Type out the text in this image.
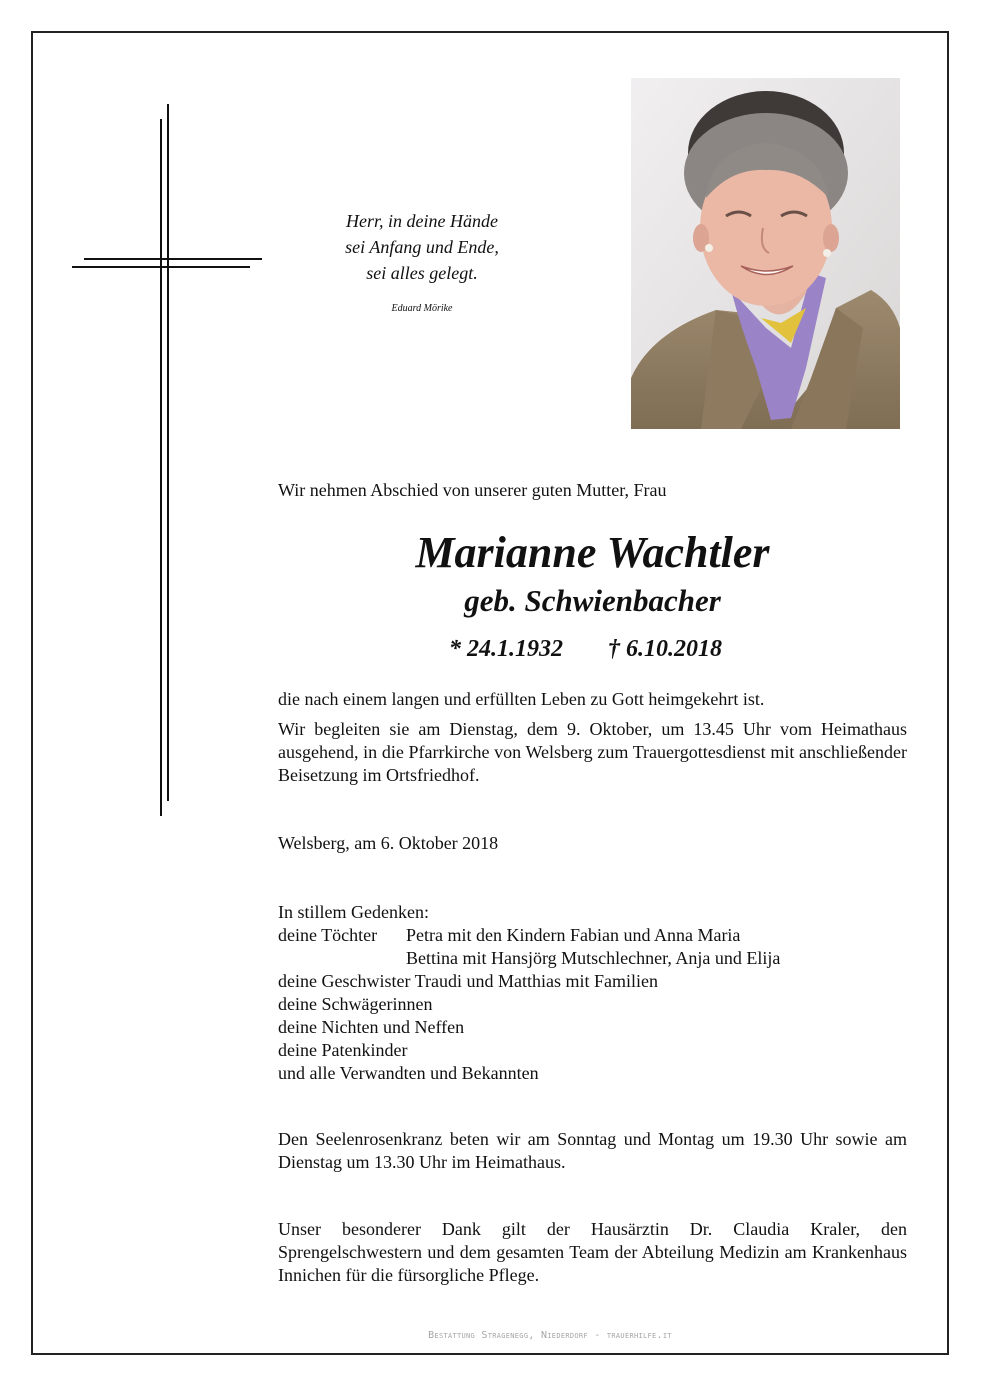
Herr, in deine Hände
sei Anfang und Ende,
sei alles gelegt.
Eduard Mörike
Wir nehmen Abschied von unserer guten Mutter, Frau
Marianne Wachtler
geb. Schwienbacher
* 24.1.1932 † 6.10.2018
die nach einem langen und erfüllten Leben zu Gott heimgekehrt ist.
Wir begleiten sie am Dienstag, dem 9. Oktober, um 13.45 Uhr vom Heimathaus ausgehend, in die Pfarrkirche von Welsberg zum Trauergottesdienst mit anschließender Beisetzung im Ortsfriedhof.
Welsberg, am 6. Oktober 2018
In stillem Gedenken:
deine Töchter	Petra mit den Kindern Fabian und Anna Maria
Bettina mit Hansjörg Mutschlechner, Anja und Elija
deine Geschwister Traudi und Matthias mit Familien
deine Schwägerinnen
deine Nichten und Neffen
deine Patenkinder
und alle Verwandten und Bekannten
Den Seelenrosenkranz beten wir am Sonntag und Montag um 19.30 Uhr sowie am Dienstag um 13.30 Uhr im Heimathaus.
Unser besonderer Dank gilt der Hausärztin Dr. Claudia Kraler, den Sprengelschwestern und dem gesamten Team der Abteilung Medizin am Krankenhaus Innichen für die fürsorgliche Pflege.
Bestattung Stragenegg, Niederdorf - trauerhilfe.it
